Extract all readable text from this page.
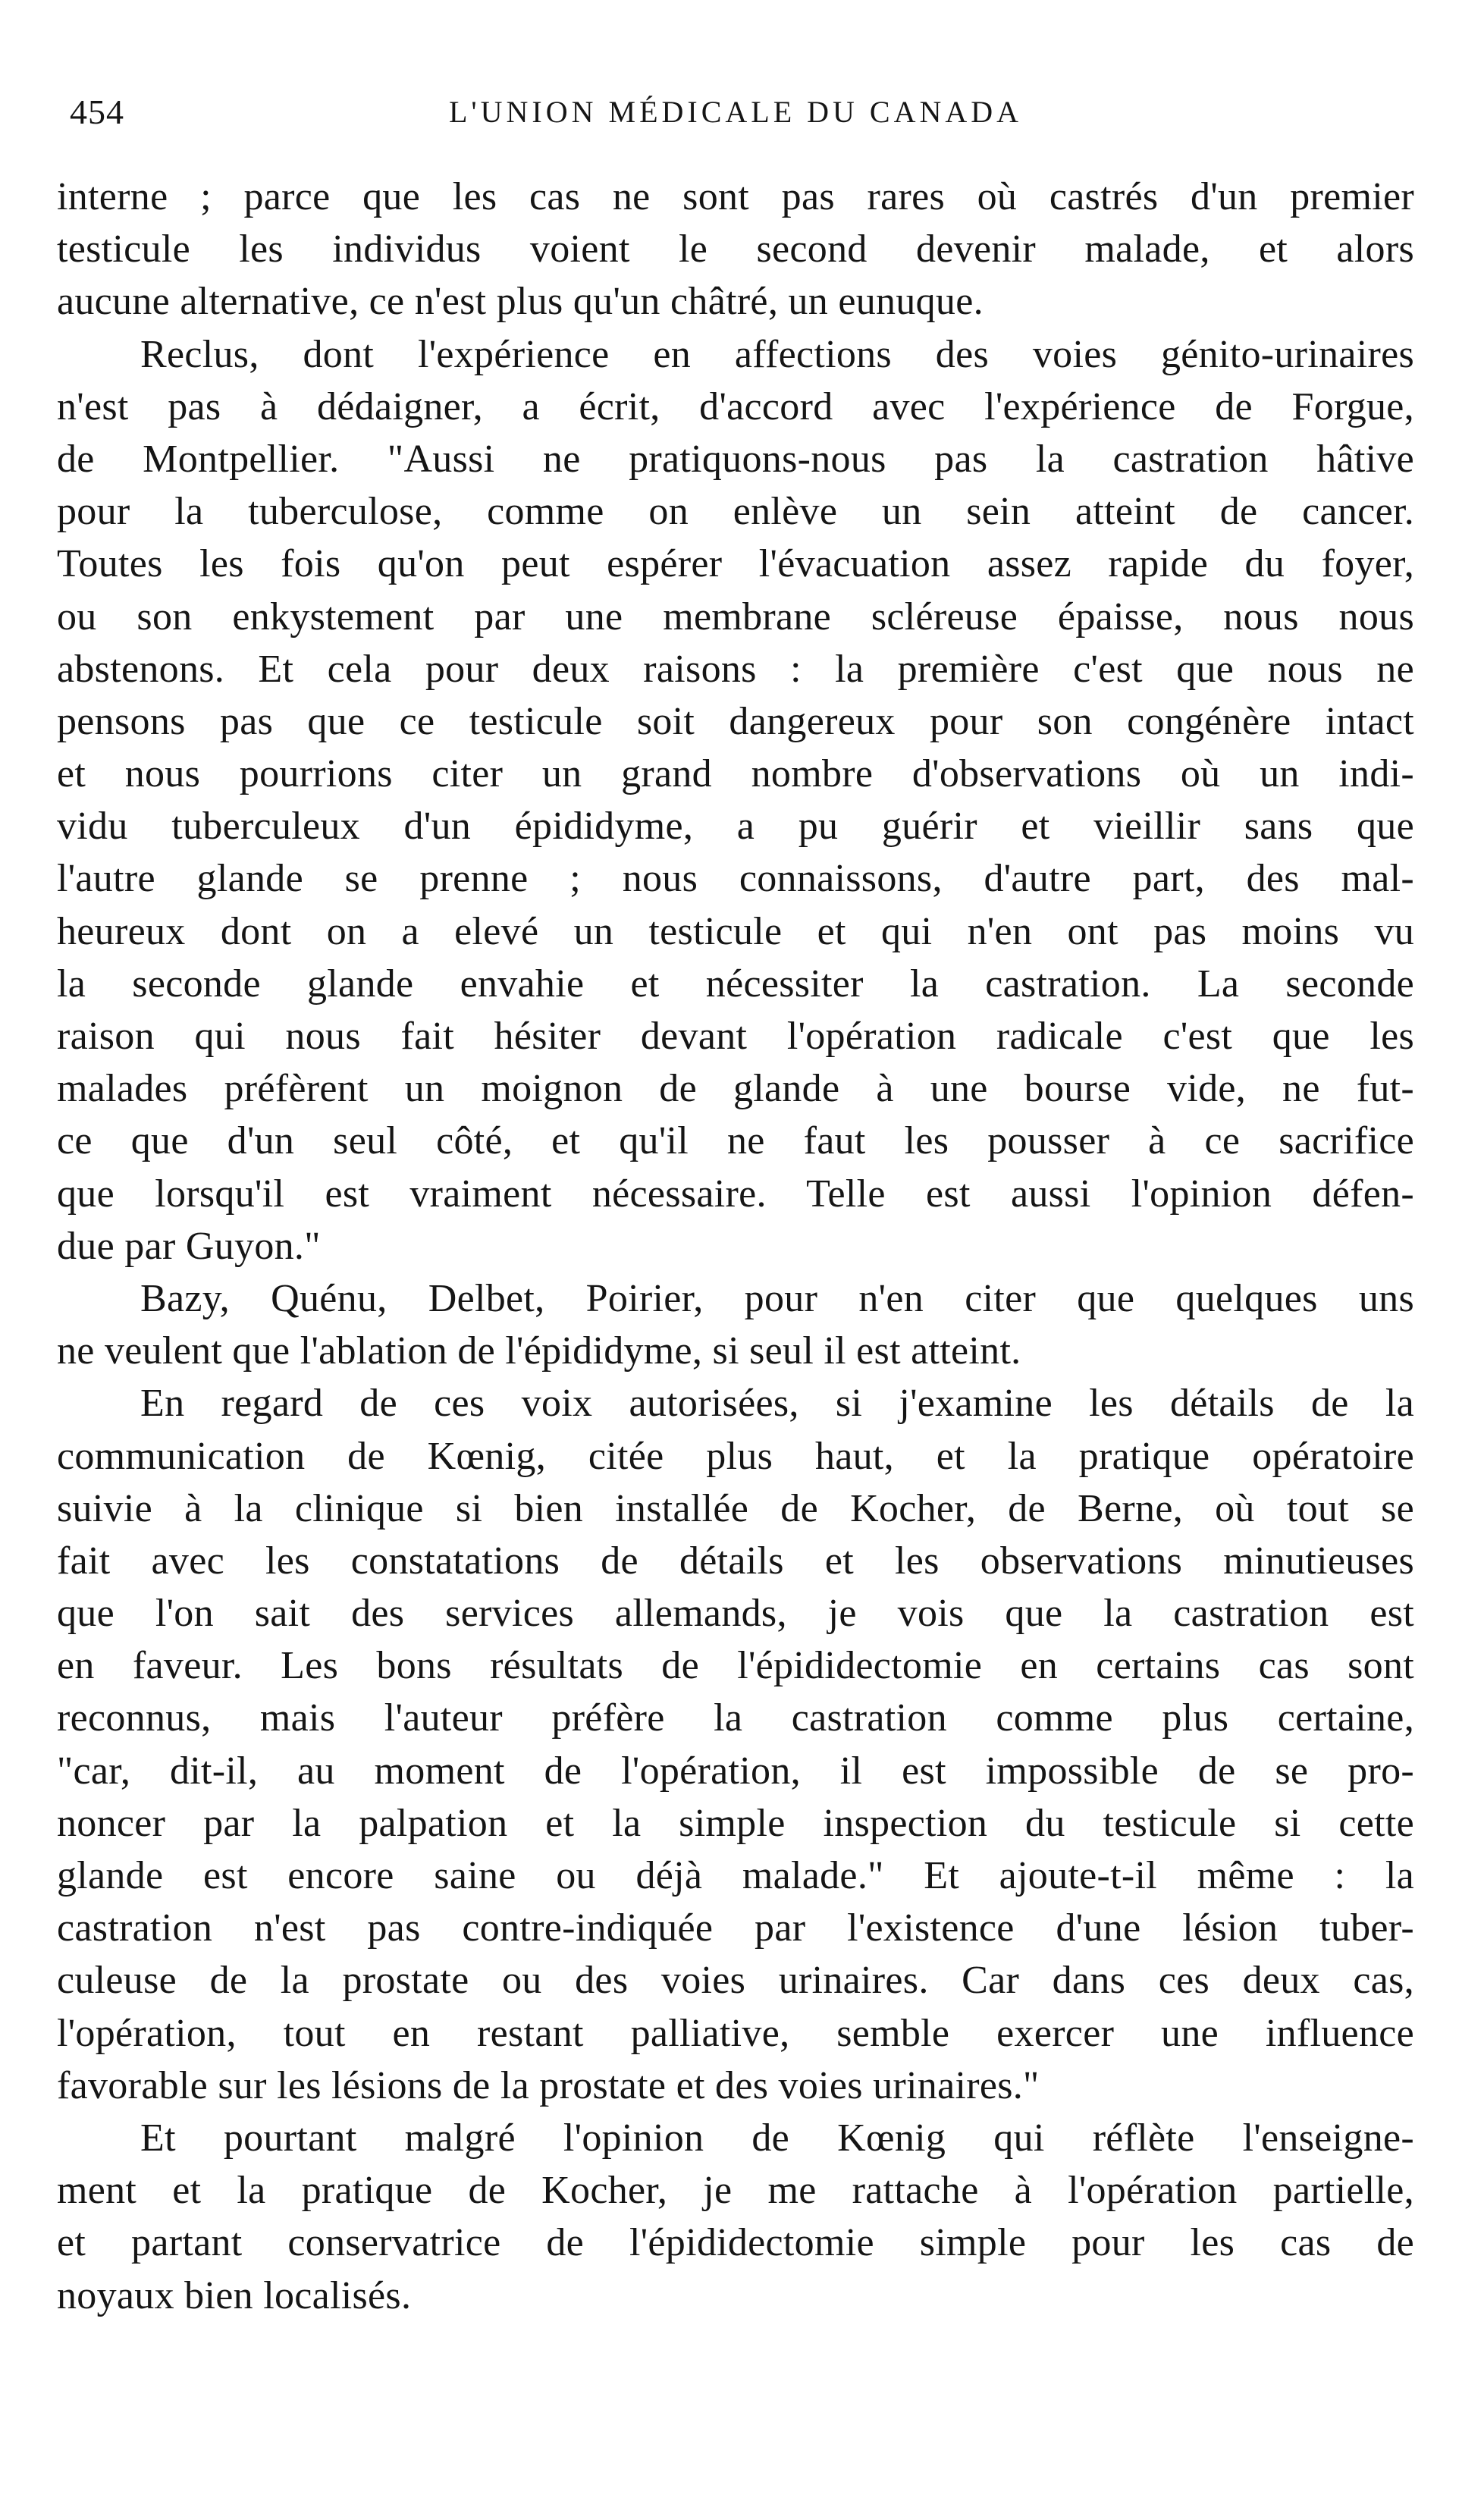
454	L'UNION MÉDICALE DU CANADA
interne ; parce que les cas ne sont pas rares où castrés d'un premier
testicule les individus voient le second devenir malade, et alors
aucune alternative, ce n'est plus qu'un châtré, un eunuque.
Reclus, dont l'expérience en affections des voies génito-urinaires
n'est pas à dédaigner, a écrit, d'accord avec l'expérience de Forgue,
de Montpellier. "Aussi ne pratiquons-nous pas la castration hâtive
pour la tuberculose, comme on enlève un sein atteint de cancer.
Toutes les fois qu'on peut espérer l'évacuation assez rapide du foyer,
ou son enkystement par une membrane scléreuse épaisse, nous nous
abstenons. Et cela pour deux raisons : la première c'est que nous ne
pensons pas que ce testicule soit dangereux pour son congénère intact
et nous pourrions citer un grand nombre d'observations où un indi-
vidu tuberculeux d'un épididyme, a pu guérir et vieillir sans que
l'autre glande se prenne ; nous connaissons, d'autre part, des mal-
heureux dont on a elevé un testicule et qui n'en ont pas moins vu
la seconde glande envahie et nécessiter la castration. La seconde
raison qui nous fait hésiter devant l'opération radicale c'est que les
malades préfèrent un moignon de glande à une bourse vide, ne fut-
ce que d'un seul côté, et qu'il ne faut les pousser à ce sacrifice
que lorsqu'il est vraiment nécessaire. Telle est aussi l'opinion défen-
due par Guyon."
Bazy, Quénu, Delbet, Poirier, pour n'en citer que quelques uns
ne veulent que l'ablation de l'épididyme, si seul il est atteint.
En regard de ces voix autorisées, si j'examine les détails de la
communication de Kœnig, citée plus haut, et la pratique opératoire
suivie à la clinique si bien installée de Kocher, de Berne, où tout se
fait avec les constatations de détails et les observations minutieuses
que l'on sait des services allemands, je vois que la castration est
en faveur. Les bons résultats de l'épididectomie en certains cas sont
reconnus, mais l'auteur préfère la castration comme plus certaine,
"car, dit-il, au moment de l'opération, il est impossible de se pro-
noncer par la palpation et la simple inspection du testicule si cette
glande est encore saine ou déjà malade." Et ajoute-t-il même : la
castration n'est pas contre-indiquée par l'existence d'une lésion tuber-
culeuse de la prostate ou des voies urinaires. Car dans ces deux cas,
l'opération, tout en restant palliative, semble exercer une influence
favorable sur les lésions de la prostate et des voies urinaires."
Et pourtant malgré l'opinion de Kœnig qui réflète l'enseigne-
ment et la pratique de Kocher, je me rattache à l'opération partielle,
et partant conservatrice de l'épididectomie simple pour les cas de
noyaux bien localisés.
